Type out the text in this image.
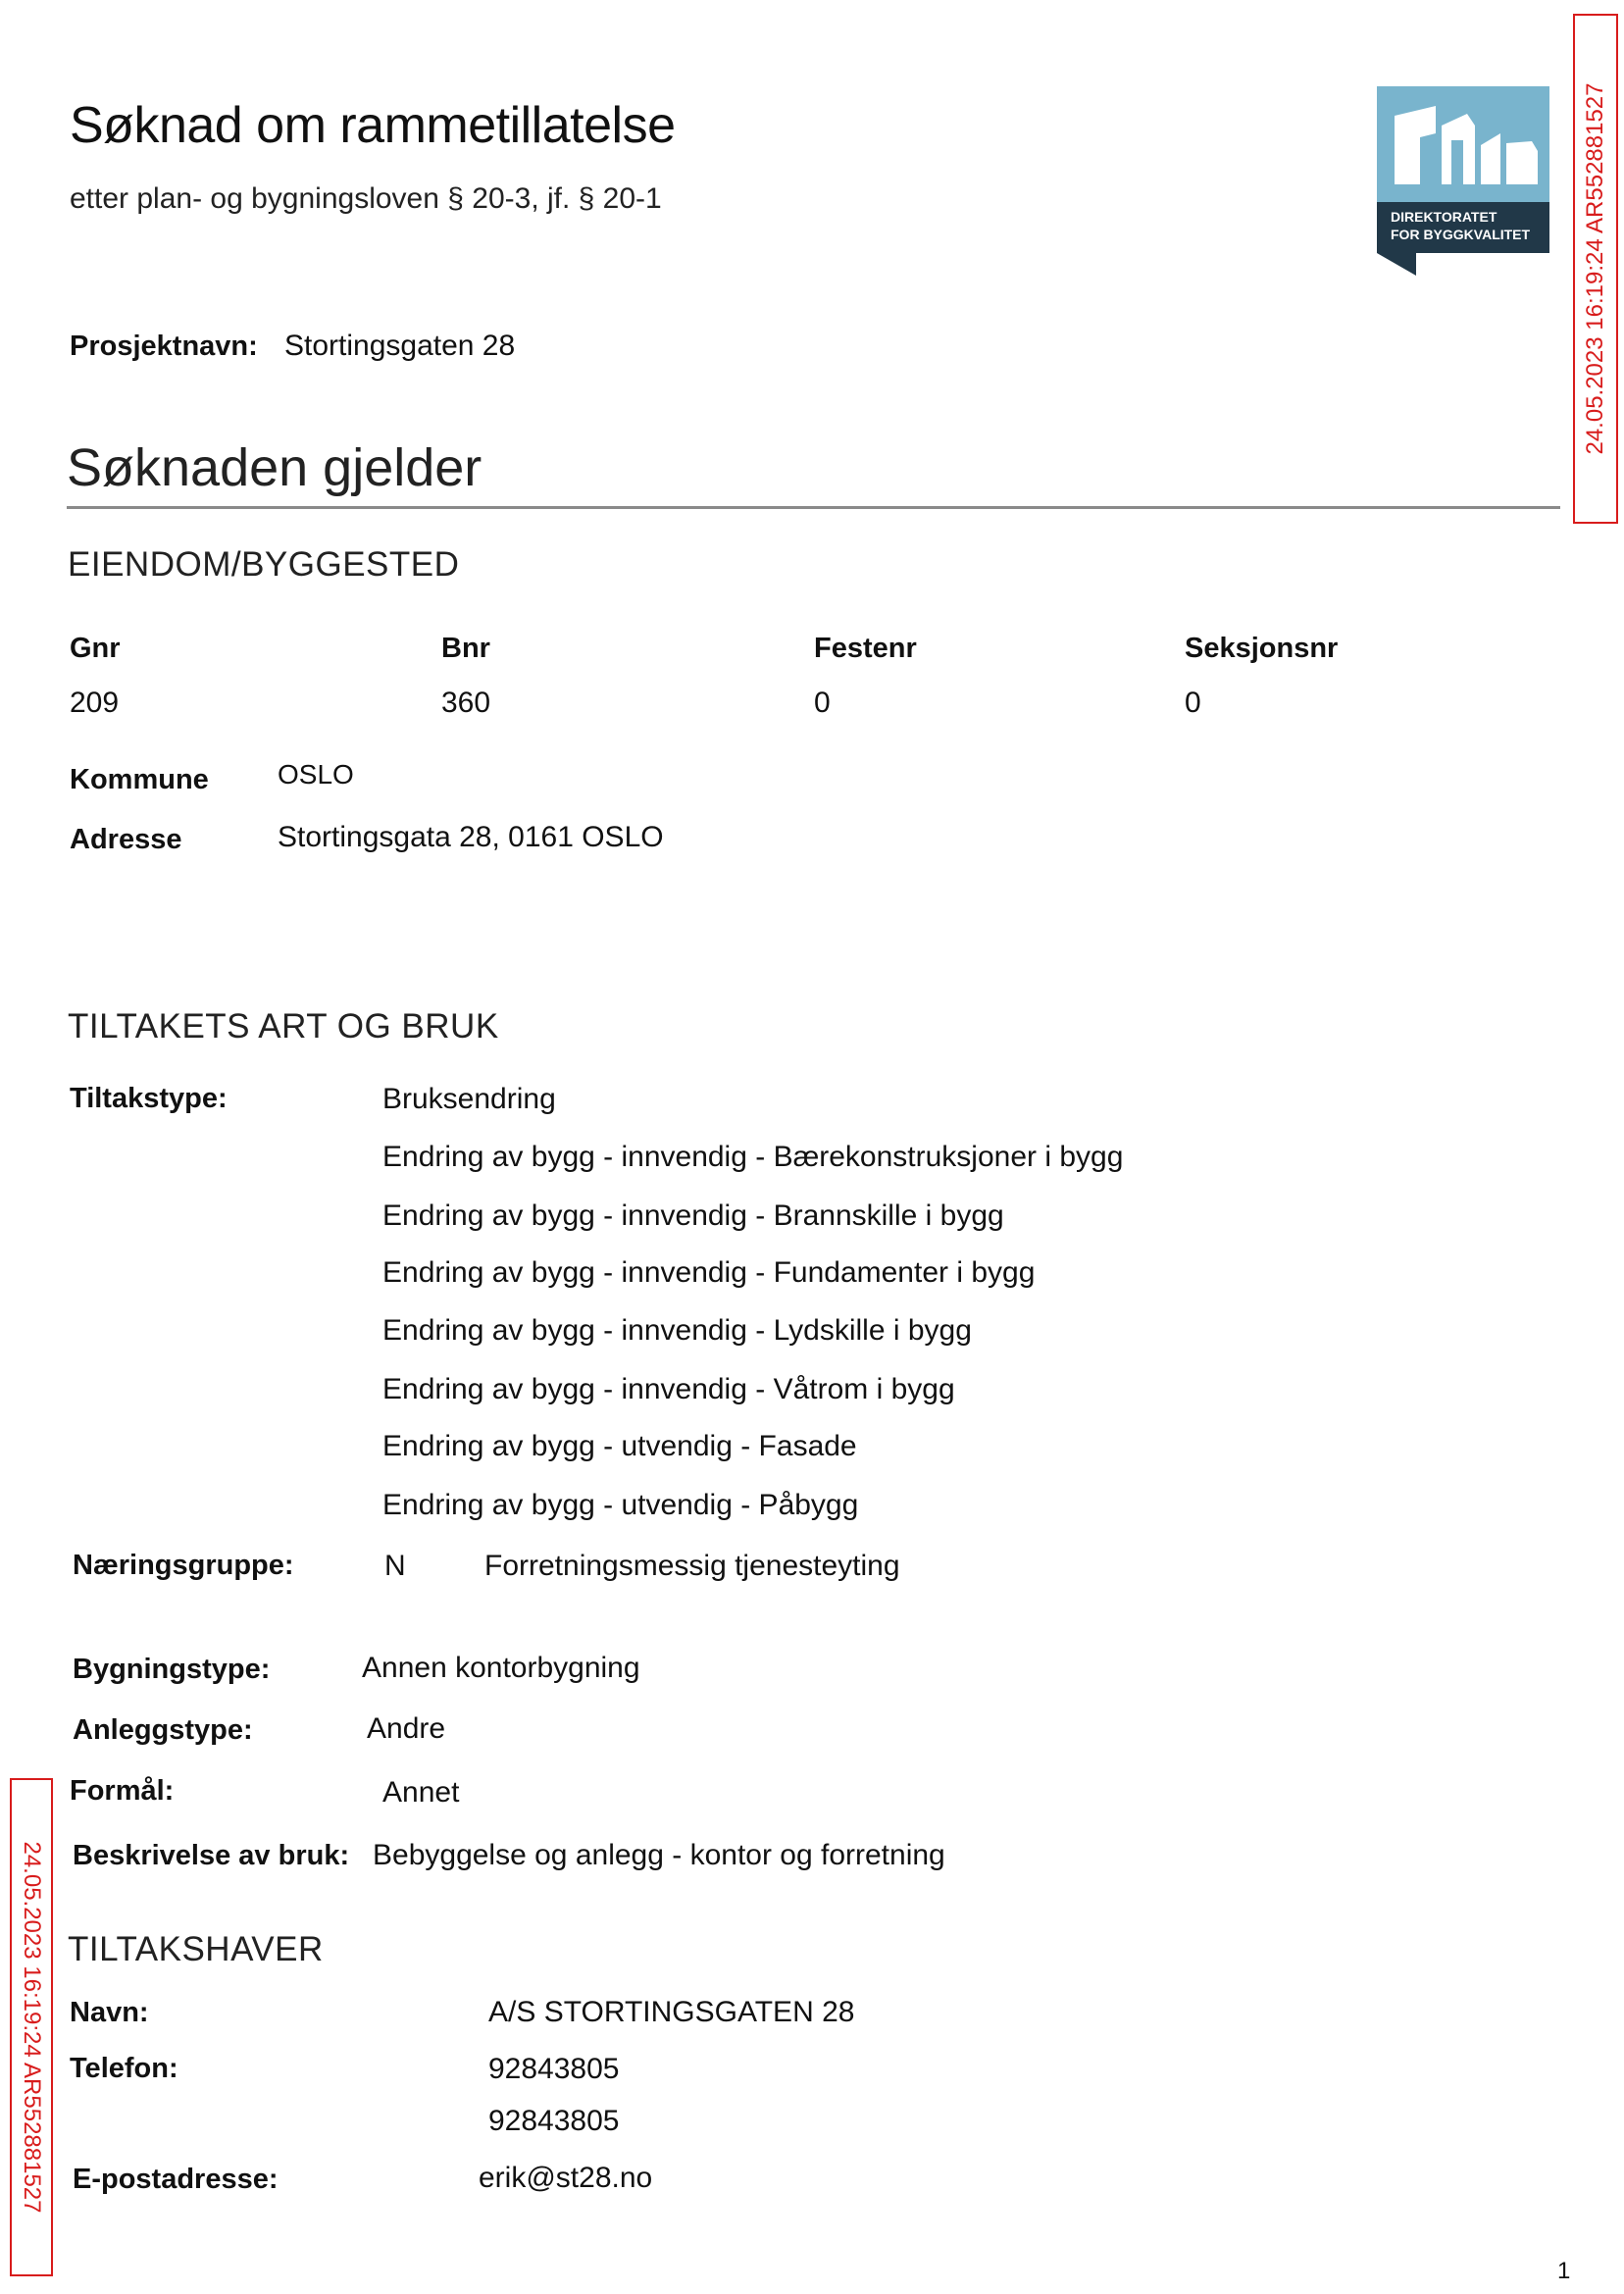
Søknad om rammetillatelse
etter plan- og bygningsloven § 20-3, jf. § 20-1
DIREKTORATET
FOR BYGGKVALITET 24.05.2023 16:19:24 AR552881527
24.05.2023 16:19:24 AR552881527
Prosjektnavn: Stortingsgaten 28
Søknaden gjelder
EIENDOM/BYGGESTED
Gnr
209
Bnr
360
Festenr
0
Seksjonsnr
0
Kommune	OSLO
Adresse	Stortingsgata 28, 0161 OSLO
TILTAKETS ART OG BRUK
Tiltakstype:	Bruksendring
Endring av bygg - innvendig - Bærekonstruksjoner i bygg
Endring av bygg - innvendig - Brannskille i bygg
Endring av bygg - innvendig - Fundamenter i bygg
Endring av bygg - innvendig - Lydskille i bygg
Endring av bygg - innvendig - Våtrom i bygg
Endring av bygg - utvendig - Fasade
Endring av bygg - utvendig - Påbygg
Næringsgruppe:	N	Forretningsmessig tjenesteyting
Bygningstype:	Annen kontorbygning
Anleggstype:	Andre
Formål:	Annet
Beskrivelse av bruk: Bebyggelse og anlegg - kontor og forretning
TILTAKSHAVER
Navn:	A/S STORTINGSGATEN 28
Telefon:	92843805
92843805
E-postadresse:	erik@st28.no
1
